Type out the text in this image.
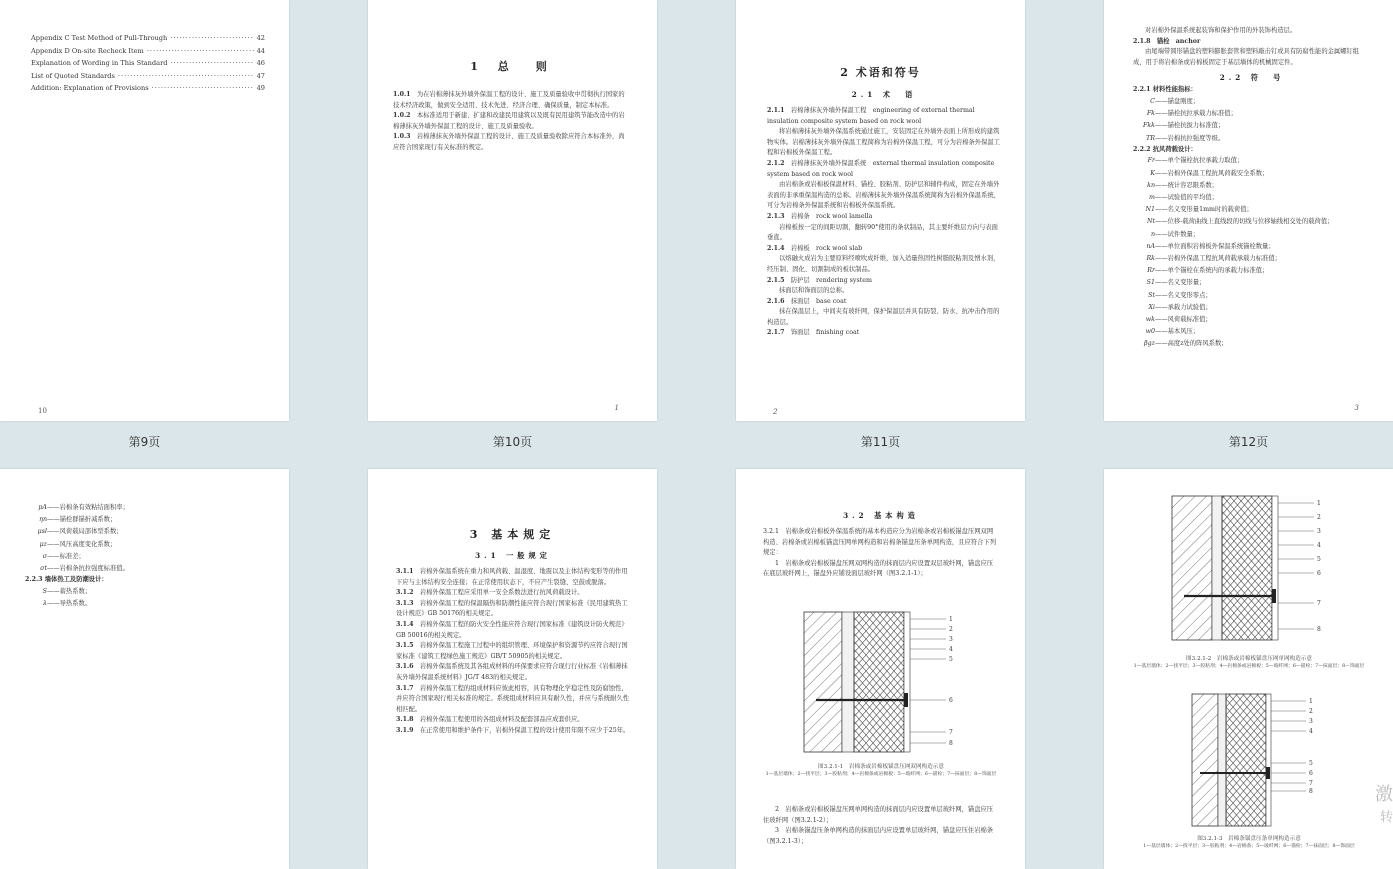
Appendix C Test Method of Pull-Through ·····	42
Appendix D On-site Recheck Item ·····	44
Explanation of Wording in This Standard ·····	46
List of Quoted Standards ·····	47
Addition: Explanation of Provisions ·····	49
10
第9页
1 总　则
1.0.1　 为在岩棉薄抹灰外墙外保温工程的设计、施工及质量验收中贯彻执行国家的技术经济政策，做到安全适用、技术先进、经济合理、确保质量，制定本标准。
1.0.2　 本标准适用于新建、扩建和改建民用建筑以及既有民用建筑节能改造中的岩棉薄抹灰外墙外保温工程的设计、施工及质量验收。
1.0.3　 岩棉薄抹灰外墙外保温工程的设计、施工及质量验收除应符合本标准外，尚应符合国家现行有关标准的规定。
1
第10页
2 术语和符号
2.1 术　语
2.1.1　 岩棉薄抹灰外墙外保温工程　engineering of external thermal insulation composite system based on rock wool
将岩棉薄抹灰外墙外保温系统通过施工，安装固定在外墙外表面上所形成的建筑物实体。岩棉薄抹灰外墙外保温工程简称为岩棉外保温工程，可分为岩棉条外保温工程和岩棉板外保温工程。
2.1.2　 岩棉薄抹灰外墙外保温系统　external thermal insulation composite system based on rock wool
由岩棉条或岩棉板保温材料、锚栓、胶粘剂、防护层和辅件构成，固定在外墙外表面的非承重保温构造的总称。岩棉薄抹灰外墙外保温系统简称为岩棉外保温系统，可分为岩棉条外保温系统和岩棉板外保温系统。
2.1.3　 岩棉条　rock wool lamella
岩棉板按一定的间距切割，翻转90°使用的条状制品，其主要纤维层方向与表面垂直。
2.1.4　 岩棉板　rock wool slab
以熔融火成岩为主要原料经喷吹成纤维，加入适量热固性树脂胶粘剂及憎水剂，经压制、固化、切割制成的板状制品。
2.1.5　 防护层　rendering system
抹面层和饰面层的总称。
2.1.6　 抹面层　base coat
抹在保温层上，中间夹有玻纤网，保护保温层并具有防裂、防水、抗冲击作用的构造层。
2.1.7　 饰面层　finishing coat
2
第11页
对岩棉外保温系统起装饰和保护作用的外装饰构造层。
2.1.8　锚栓　anchor
由尾端带圆形锚盘的塑料膨胀套管和塑料敲击钉或具有防腐性能的金属螺钉组成，用于将岩棉条或岩棉板固定于基层墙体的机械固定件。
2.2 符　号
2.2.1 材料性能指标：
C——锚盘刚度；
Fk——锚栓抗拉承载力标准值；
Fkk——锚栓抗拔力标准值；
TR——岩棉抗拉强度等级。
2.2.2 抗风荷载设计：
Fr——单个锚栓抗拉承载力取值；
K——岩棉外保温工程抗风荷载安全系数；
kn——统计容忍限系数；
m——试验值的平均值；
N1——名义变形量1mm时的载荷值；
Nt——位移-载荷曲线上直线段的切线与位移轴线相交处的载荷值；
n——试件数量；
nA——单位面积岩棉板外保温系统锚栓数量；
Rk——岩棉外保温工程抗风荷载承载力标准值；
Rr——单个锚栓在系统内的承载力标准值；
S1——名义变形量；
St——名义变形零点；
Xi——承载力试验值；
wk——风荷载标准值；
w0——基本风压；
βgz——高度z处的阵风系数；
3
第12页
pA——岩棉条有效粘结面积率；
ηn——锚栓群锚折减系数；
μsl——风荷载局部体型系数；
μz——风压高度变化系数；
σ——标准差；
σt——岩棉条抗拉强度标准值。
2.2.3 墙体热工及防潮设计：
S——蓄热系数；
λ——导热系数。
3 基本规定
3.1 一般规定
3.1.1　 岩棉外保温系统在重力和风荷载、温湿度、地震以及主体结构变形等的作用下应与主体结构安全连接；在正常使用状态下，不应产生裂缝、空鼓或脱落。
3.1.2　 岩棉外保温工程应采用单一安全系数法进行抗风荷载设计。
3.1.3　 岩棉外保温工程的保温隔热和防潮性能应符合现行国家标准《民用建筑热工设计规范》GB 50176的相关规定。
3.1.4　 岩棉外保温工程的防火安全性能应符合现行国家标准《建筑设计防火规范》GB 50016的相关规定。
3.1.5　 岩棉外保温工程施工过程中的组织管理、环境保护和资源节约应符合现行国家标准《建筑工程绿色施工规范》GB/T 50905的相关规定。
3.1.6　 岩棉外保温系统及其各组成材料的环保要求应符合现行行业标准《岩棉薄抹灰外墙外保温系统材料》JG/T 483的相关规定。
3.1.7　 岩棉外保温工程的组成材料应彼此相容，具有物理化学稳定性及防腐蚀性，并应符合国家现行相关标准的规定。系统组成材料应具有耐久性，并应与系统耐久性相匹配。
3.1.8　 岩棉外保温工程使用的各组成材料及配套部品应成套供应。
3.1.9　 在正常使用和维护条件下，岩棉外保温工程的设计使用年限不应少于25年。
3.2 基本构造
3.2.1　岩棉条或岩棉板外保温系统的基本构造应分为岩棉条或岩棉板锚盘压网双网构造、岩棉条或岩棉板锚盘压网单网构造和岩棉条锚盘压条单网构造，且应符合下列规定：
1　岩棉条或岩棉板锚盘压网双网构造的抹面层内应设置双层玻纤网，锚盘应压在底层玻纤网上，锚盘外应铺设面层玻纤网（图3.2.1-1）；
1
2
3
4
5
6
7
8
图3.2.1-1　岩棉条或岩棉板锚盘压网双网构造示意
1—基层墙体；2—找平层；3—胶粘剂；4—岩棉条或岩棉板；5—玻纤网；6—锚栓；7—抹面层；8—饰面层
2　岩棉条或岩棉板锚盘压网单网构造的抹面层内应设置单层玻纤网，锚盘应压住玻纤网（图3.2.1-2）；
3　岩棉条锚盘压条单网构造的抹面层内应设置单层玻纤网，锚盘应压住岩棉条（图3.2.1-3）；
1
2
3
4
5
6
7
8
图3.2.1-2　岩棉条或岩棉板锚盘压网单网构造示意
1—基层墙体；2—找平层；3—胶粘剂；4—岩棉条或岩棉板；5—玻纤网；6—锚栓；7—抹面层；8—饰面层
1
2
3
4
5
6
7
8
图3.2.1-3　岩棉条锚盘压条单网构造示意
1—基层墙体；2—找平层；3—胶粘剂；4—岩棉条；5—玻纤网；6—锚栓；7—抹面层；8—饰面层
激
转
